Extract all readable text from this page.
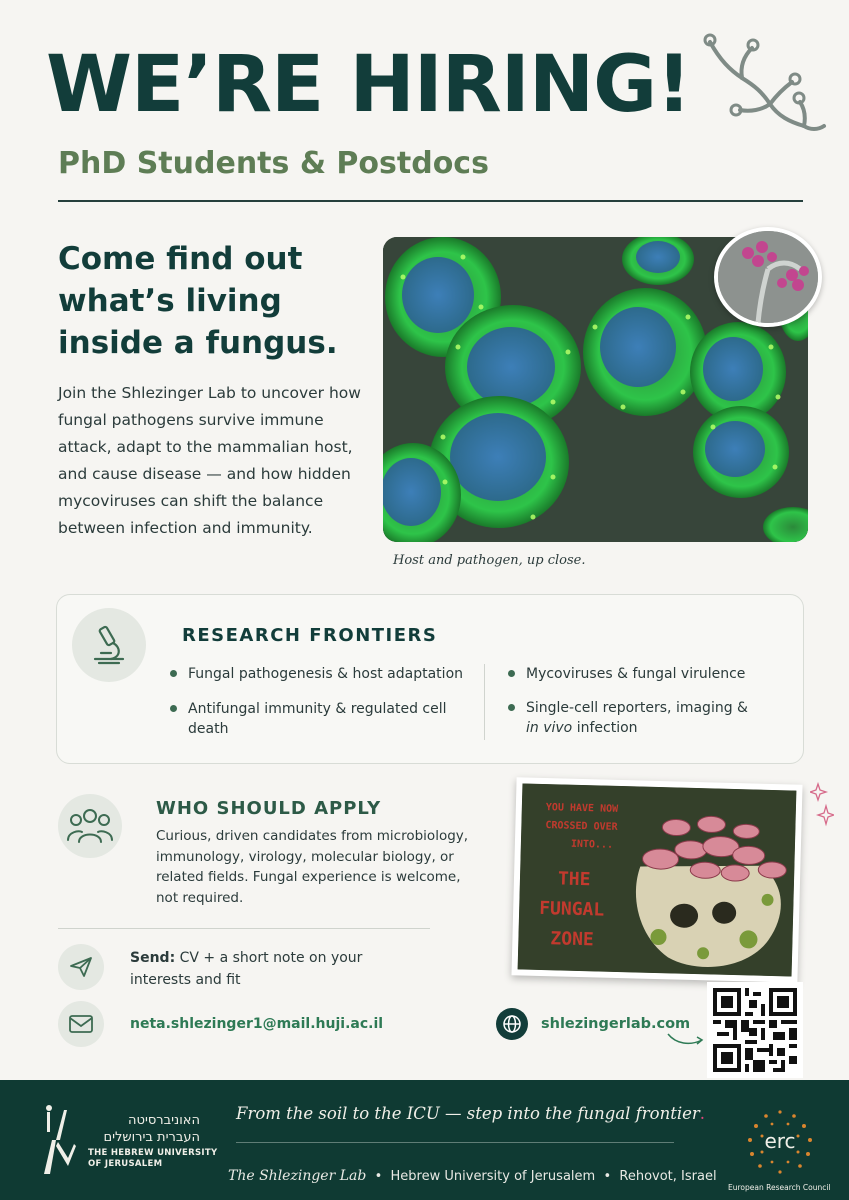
WE’RE HIRING!
PhD Students & Postdocs
Come find out what’s living inside a fungus.
Join the Shlezinger Lab to uncover how fungal pathogens survive immune attack, adapt to the mammalian host, and cause disease — and how hidden mycoviruses can shift the balance between infection and immunity.
Host and pathogen, up close.
RESEARCH FRONTIERS
Fungal pathogenesis & host adaptation
Antifungal immunity & regulated cell death
Mycoviruses & fungal virulence
Single-cell reporters, imaging &
in vivo infection
WHO SHOULD APPLY
Curious, driven candidates from microbiology, immunology, virology, molecular biology, or related fields. Fungal experience is welcome, not required.
Send: CV + a short note on your interests and fit
neta.shlezinger1@mail.huji.ac.il
YOU HAVE NOW
CROSSED OVER
INTO...
THE
FUNGAL
ZONE
shlezingerlab.com
האוניברסיטה
העברית בירושלים
THE HEBREW UNIVERSITY
OF JERUSALEM
From the soil to the ICU — step into the fungal frontier.
The Shlezinger Lab • Hebrew University of Jerusalem • Rehovot, Israel
erc
European Research Council
